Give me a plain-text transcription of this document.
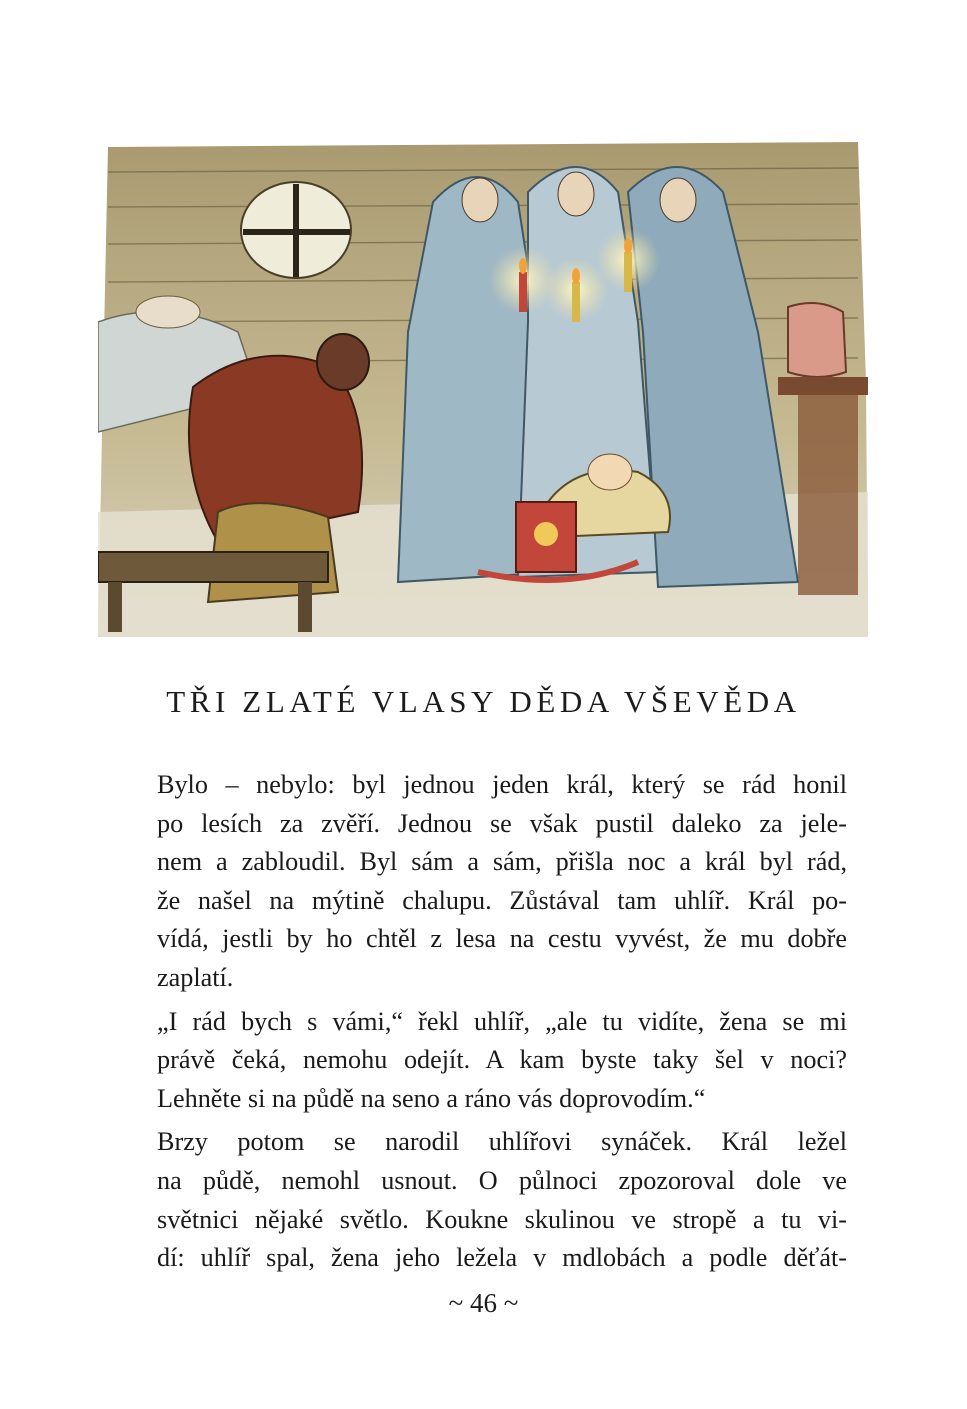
TŘI ZLATÉ VLASY DĚDA VŠEVĚDA

Bylo – nebylo: byl jednou jeden král, který se rád honil
po lesích za zvěří. Jednou se však pustil daleko za jele-
nem a zabloudil. Byl sám a sám, přišla noc a král byl rád,
že našel na mýtině chalupu. Zůstával tam uhlíř. Král po-
vídá, jestli by ho chtěl z lesa na cestu vyvést, že mu dobře
zaplatí.

„I rád bych s vámi,“ řekl uhlíř, „ale tu vidíte, žena se mi
právě čeká, nemohu odejít. A kam byste taky šel v noci?
Lehněte si na půdě na seno a ráno vás doprovodím.“

Brzy potom se narodil uhlířovi synáček. Král ležel
na půdě, nemohl usnout. O půlnoci zpozoroval dole ve
světnici nějaké světlo. Koukne skulinou ve stropě a tu vi-
dí: uhlíř spal, žena jeho ležela v mdlobách a podle děťát-

~ 46 ~
